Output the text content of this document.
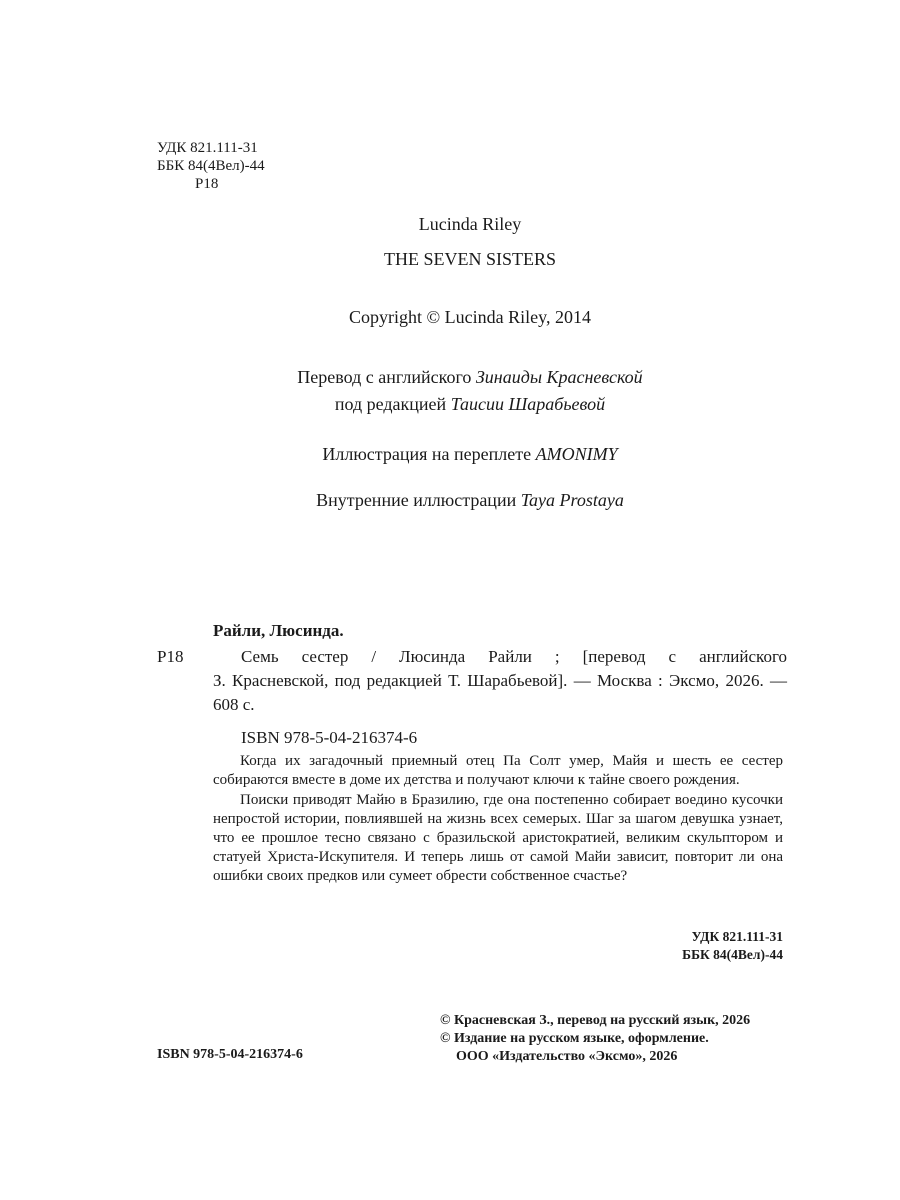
УДК 821.111-31
ББК 84(4Вел)-44
Р18
Lucinda Riley
THE SEVEN SISTERS
Copyright © Lucinda Riley, 2014
Перевод с английского Зинаиды Красневской
под редакцией Таисии Шарабьевой
Иллюстрация на переплете AMONIMY
Внутренние иллюстрации Taya Prostaya
Райли, Люсинда.
Р18	Семь сестер / Люсинда Райли ; [перевод с английского
З. Красневской, под редакцией Т. Шарабьевой]. — Москва : Эксмо, 2026. — 608 с.
ISBN 978-5-04-216374-6

Когда их загадочный приемный отец Па Солт умер, Майя и шесть ее сестер собираются вместе в доме их детства и получают ключи к тайне своего рождения.

Поиски приводят Майю в Бразилию, где она постепенно собирает воедино кусочки непростой истории, повлиявшей на жизнь всех семерых. Шаг за шагом девушка узнает, что ее прошлое тесно связано с бразильской аристократией, великим скульптором и статуей Христа-Искупителя. И теперь лишь от самой Майи зависит, повторит ли она ошибки своих предков или сумеет обрести собственное счастье?

УДК 821.111-31
ББК 84(4Вел)-44
© Красневская З., перевод на русский язык, 2026
© Издание на русском языке, оформление.
ООО «Издательство «Эксмо», 2026
ISBN 978-5-04-216374-6
